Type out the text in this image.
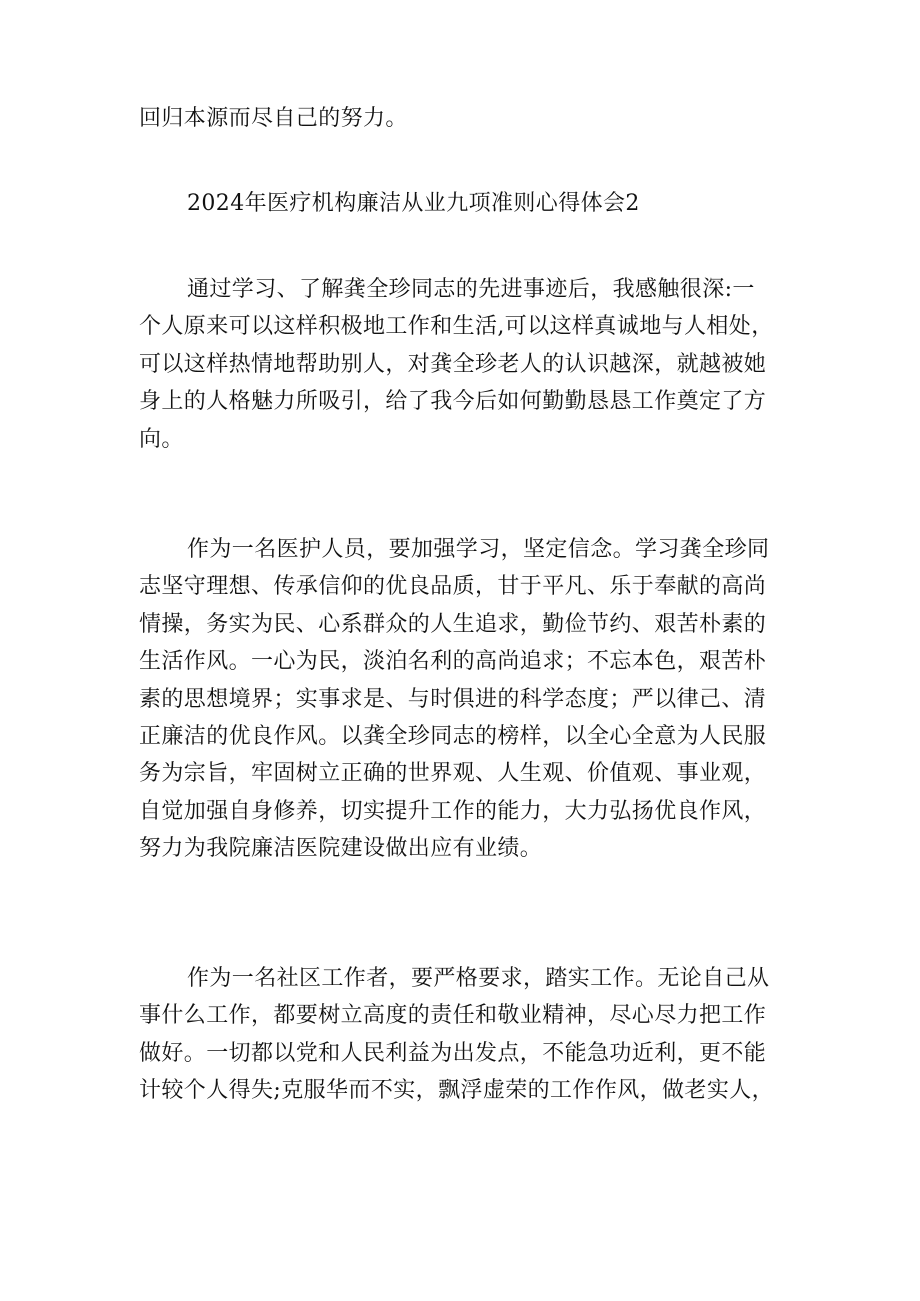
回归本源而尽自己的努力。

2024年医疗机构廉洁从业九项准则心得体会2

通过学习、了解龚全珍同志的先进事迹后，我感触很深:一
个人原来可以这样积极地工作和生活,可以这样真诚地与人相处，
可以这样热情地帮助别人，对龚全珍老人的认识越深，就越被她
身上的人格魅力所吸引，给了我今后如何勤勤恳恳工作奠定了方
向。

作为一名医护人员，要加强学习，坚定信念。学习龚全珍同
志坚守理想、传承信仰的优良品质，甘于平凡、乐于奉献的高尚
情操，务实为民、心系群众的人生追求，勤俭节约、艰苦朴素的
生活作风。一心为民，淡泊名利的高尚追求；不忘本色，艰苦朴
素的思想境界；实事求是、与时俱进的科学态度；严以律己、清
正廉洁的优良作风。以龚全珍同志的榜样，以全心全意为人民服
务为宗旨，牢固树立正确的世界观、人生观、价值观、事业观，
自觉加强自身修养，切实提升工作的能力，大力弘扬优良作风，
努力为我院廉洁医院建设做出应有业绩。

作为一名社区工作者，要严格要求，踏实工作。无论自己从
事什么工作，都要树立高度的责任和敬业精神，尽心尽力把工作
做好。一切都以党和人民利益为出发点，不能急功近利，更不能
计较个人得失;克服华而不实，飘浮虚荣的工作作风，做老实人，
